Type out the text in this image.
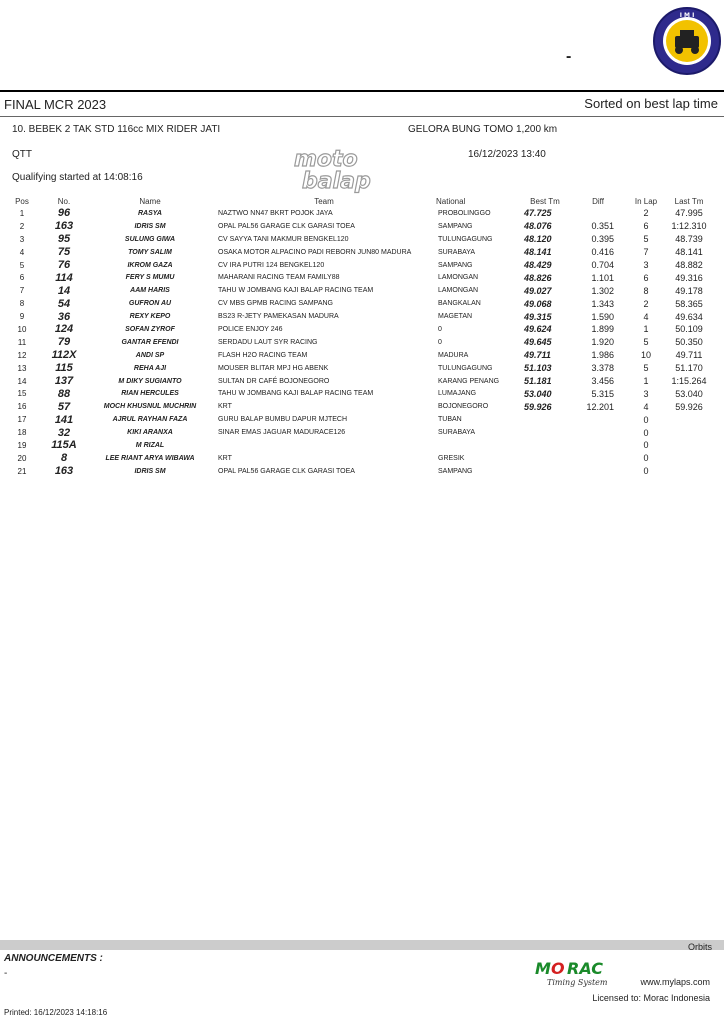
-
I M I
FINAL MCR 2023	Sorted on best lap time
10. BEBEK 2 TAK STD 116cc MIX RIDER JATI	GELORA BUNG TOMO 1,200 km
QTT	16/12/2023 13:40
Qualifying started at 14:08:16
moto
balap
Pos	No.	Name	Team	National	Best Tm	Diff	In Lap	Last Tm
1	96	RASYA	NAZTWO NN47 BKRT POJOK JAYA	PROBOLINGGO	47.725		2	47.995
2	163	IDRIS SM	OPAL PAL56 GARAGE CLK GARASI TOEA	SAMPANG	48.076	0.351	6	1:12.310
3	95	SULUNG GIWA	CV SAYYA TANI MAKMUR BENGKEL120	TULUNGAGUNG	48.120	0.395	5	48.739
4	75	TOMY SALIM	OSAKA MOTOR ALPACINO PADI REBORN JUN80 MADURA	SURABAYA	48.141	0.416	7	48.141
5	76	IKROM GAZA	CV IRA PUTRI 124 BENGKEL120	SAMPANG	48.429	0.704	3	48.882
6	114	FERY S MUMU	MAHARANI RACING TEAM FAMILY88	LAMONGAN	48.826	1.101	6	49.316
7	14	AAM HARIS	TAHU W JOMBANG KAJI BALAP RACING TEAM	LAMONGAN	49.027	1.302	8	49.178
8	54	GUFRON AU	CV MBS GPMB RACING SAMPANG	BANGKALAN	49.068	1.343	2	58.365
9	36	REXY KEPO	BS23 R-JETY PAMEKASAN MADURA	MAGETAN	49.315	1.590	4	49.634
10	124	SOFAN ZYROF	POLICE ENJOY 246	0	49.624	1.899	1	50.109
11	79	GANTAR EFENDI	SERDADU LAUT SYR RACING	0	49.645	1.920	5	50.350
12	112X	ANDI SP	FLASH H2O RACING TEAM	MADURA	49.711	1.986	10	49.711
13	115	REHA AJI	MOUSER BLITAR MPJ HG ABENK	TULUNGAGUNG	51.103	3.378	5	51.170
14	137	M DIKY SUGIANTO	SULTAN DR CAFÉ BOJONEGORO	KARANG PENANG	51.181	3.456	1	1:15.264
15	88	RIAN HERCULES	TAHU W JOMBANG KAJI BALAP RACING TEAM	LUMAJANG	53.040	5.315	3	53.040
16	57	MOCH KHUSNUL MUCHRIN	KRT	BOJONEGORO	59.926	12.201	4	59.926
17	141	AJRUL RAYHAN FAZA	GURU BALAP BUMBU DAPUR MJTECH	TUBAN			0	
18	32	KIKI ARANXA	SINAR EMAS JAGUAR MADURACE126	SURABAYA			0	
19	115A	M RIZAL					0	
20	8	LEE RIANT ARYA WIBAWA	KRT	GRESIK			0	
21	163	IDRIS SM	OPAL PAL56 GARAGE CLK GARASI TOEA	SAMPANG			0	
Orbits
ANNOUNCEMENTS :
-	M O RAC
Timing System	www.mylaps.com
Licensed to: Morac Indonesia
Printed: 16/12/2023 14:18:16
